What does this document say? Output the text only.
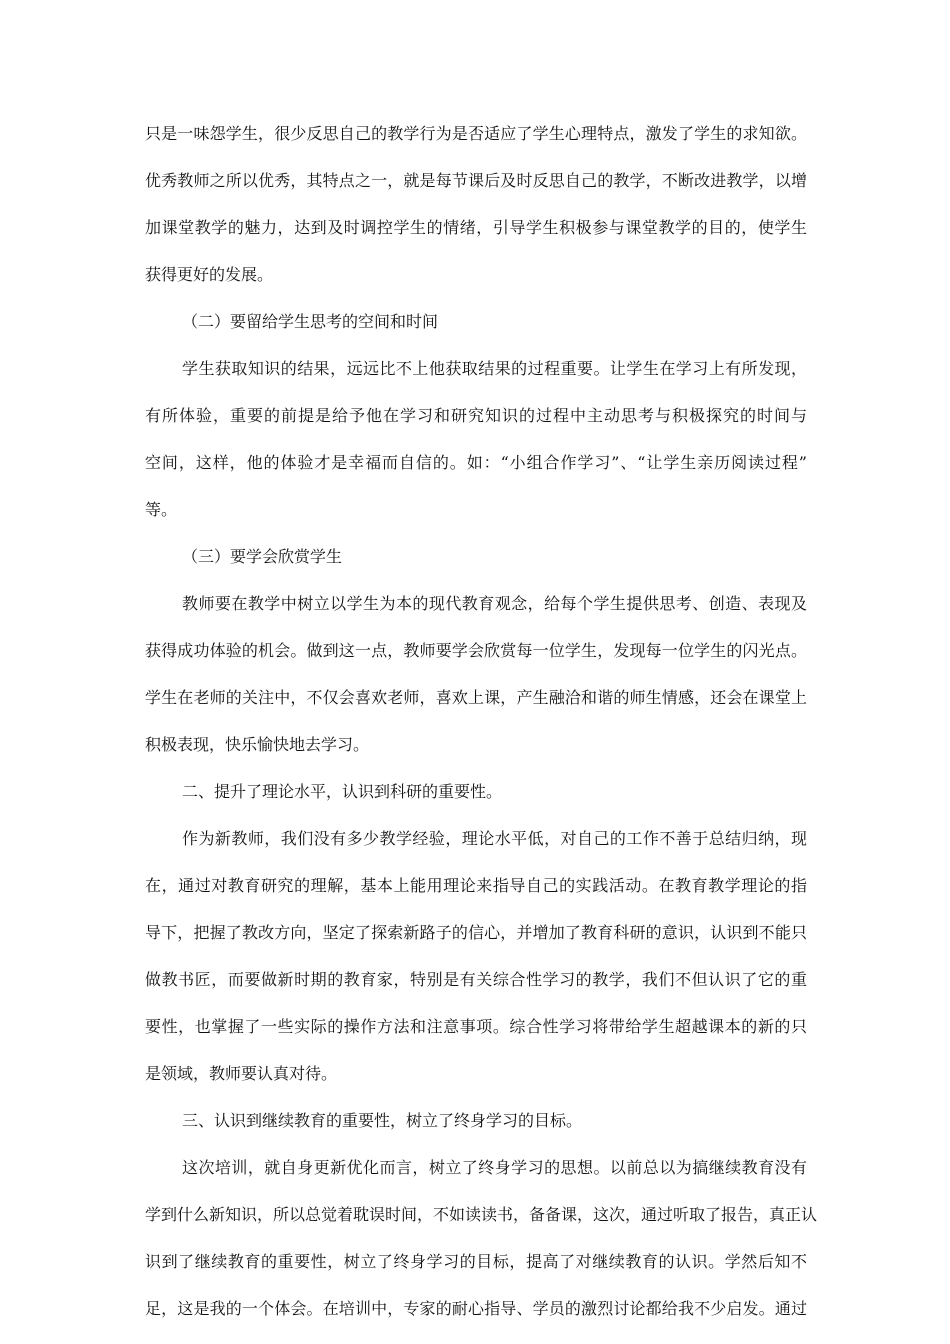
只是一味怨学生，很少反思自己的教学行为是否适应了学生心理特点，激发了学生的求知欲。
优秀教师之所以优秀，其特点之一，就是每节课后及时反思自己的教学，不断改进教学，以增
加课堂教学的魅力，达到及时调控学生的情绪，引导学生积极参与课堂教学的目的，使学生
获得更好的发展。
（二）要留给学生思考的空间和时间
学生获取知识的结果，远远比不上他获取结果的过程重要。让学生在学习上有所发现，
有所体验，重要的前提是给予他在学习和研究知识的过程中主动思考与积极探究的时间与
空间，这样，他的体验才是幸福而自信的。如：“小组合作学习”、“让学生亲历阅读过程”
等。
（三）要学会欣赏学生
教师要在教学中树立以学生为本的现代教育观念，给每个学生提供思考、创造、表现及
获得成功体验的机会。做到这一点，教师要学会欣赏每一位学生，发现每一位学生的闪光点。
学生在老师的关注中，不仅会喜欢老师，喜欢上课，产生融洽和谐的师生情感，还会在课堂上
积极表现，快乐愉快地去学习。
二、提升了理论水平，认识到科研的重要性。
作为新教师，我们没有多少教学经验，理论水平低，对自己的工作不善于总结归纳，现
在，通过对教育研究的理解，基本上能用理论来指导自己的实践活动。在教育教学理论的指
导下，把握了教改方向，坚定了探索新路子的信心，并增加了教育科研的意识，认识到不能只
做教书匠，而要做新时期的教育家，特别是有关综合性学习的教学，我们不但认识了它的重
要性，也掌握了一些实际的操作方法和注意事项。综合性学习将带给学生超越课本的新的只
是领域，教师要认真对待。
三、认识到继续教育的重要性，树立了终身学习的目标。
这次培训，就自身更新优化而言，树立了终身学习的思想。以前总以为搞继续教育没有
学到什么新知识，所以总觉着耽误时间，不如读读书，备备课，这次，通过听取了报告，真正认
识到了继续教育的重要性，树立了终身学习的目标，提高了对继续教育的认识。学然后知不
足，这是我的一个体会。在培训中，专家的耐心指导、学员的激烈讨论都给我不少启发。通过
